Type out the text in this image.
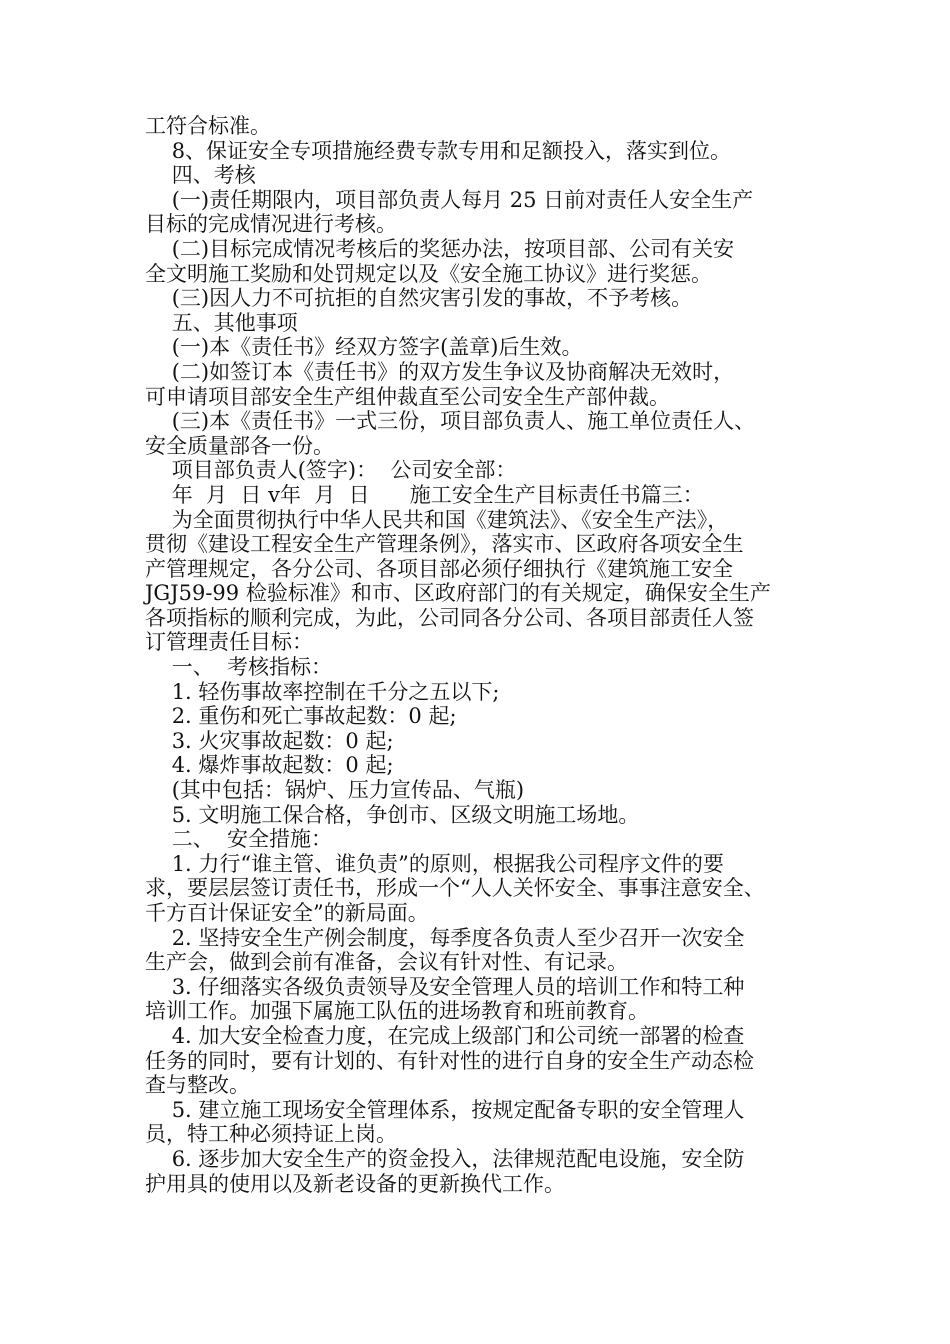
工符合标准。
8、保证安全专项措施经费专款专用和足额投入，落实到位。
四、考核
(一)责任期限内，项目部负责人每月 25 日前对责任人安全生产
目标的完成情况进行考核。
(二)目标完成情况考核后的奖惩办法，按项目部、公司有关安
全文明施工奖励和处罚规定以及《安全施工协议》进行奖惩。
(三)因人力不可抗拒的自然灾害引发的事故，不予考核。
五、其他事项
(一)本《责任书》经双方签字(盖章)后生效。
(二)如签订本《责任书》的双方发生争议及协商解决无效时，
可申请项目部安全生产组仲裁直至公司安全生产部仲裁。
(三)本《责任书》一式三份，项目部负责人、施工单位责任人、
安全质量部各一份。
项目部负责人(签字)：  公司安全部：
年  月  日 v年  月  日      施工安全生产目标责任书篇三：
为全面贯彻执行中华人民共和国《建筑法》、《安全生产法》，
贯彻《建设工程安全生产管理条例》，落实市、区政府各项安全生
产管理规定，各分公司、各项目部必须仔细执行《建筑施工安全
JGJ59-99 检验标准》和市、区政府部门的有关规定，确保安全生产
各项指标的顺利完成，为此，公司同各分公司、各项目部责任人签
订管理责任目标：
一、  考核指标：
1. 轻伤事故率控制在千分之五以下;
2. 重伤和死亡事故起数：0 起;
3. 火灾事故起数：0 起;
4. 爆炸事故起数：0 起;
(其中包括：锅炉、压力宣传品、气瓶)
5. 文明施工保合格，争创市、区级文明施工场地。
二、  安全措施：
1. 力行“谁主管、谁负责”的原则，根据我公司程序文件的要
求，要层层签订责任书，形成一个“人人关怀安全、事事注意安全、
千方百计保证安全”的新局面。
2. 坚持安全生产例会制度，每季度各负责人至少召开一次安全
生产会，做到会前有准备，会议有针对性、有记录。
3. 仔细落实各级负责领导及安全管理人员的培训工作和特工种
培训工作。加强下属施工队伍的进场教育和班前教育。
4. 加大安全检查力度，在完成上级部门和公司统一部署的检查
任务的同时，要有计划的、有针对性的进行自身的安全生产动态检
查与整改。
5. 建立施工现场安全管理体系，按规定配备专职的安全管理人
员，特工种必须持证上岗。
6. 逐步加大安全生产的资金投入，法律规范配电设施，安全防
护用具的使用以及新老设备的更新换代工作。
